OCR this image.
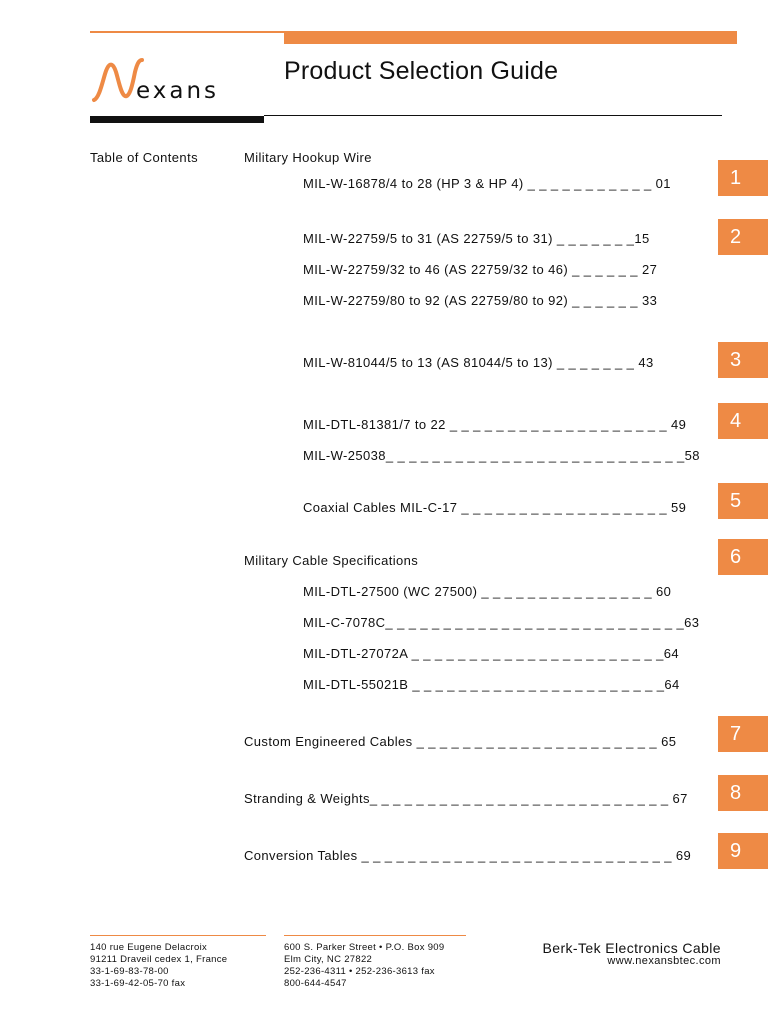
exans
Product Selection Guide
Table of Contents	Military Hookup Wire
Military Cable Specifications
MIL-W-16878/4 to 28 (HP 3 & HP 4) _ _ _ _ _ _ _ _ _ _ _ 01
MIL-W-22759/5 to 31 (AS 22759/5 to 31) _ _ _ _ _ _ _15
MIL-W-22759/32 to 46 (AS 22759/32 to 46) _ _ _ _ _ _ 27
MIL-W-22759/80 to 92 (AS 22759/80 to 92) _ _ _ _ _ _ 33
MIL-W-81044/5 to 13 (AS 81044/5 to 13) _ _ _ _ _ _ _ 43
MIL-DTL-81381/7 to 22 _ _ _ _ _ _ _ _ _ _ _ _ _ _ _ _ _ _ _ 49
MIL-W-25038_ _ _ _ _ _ _ _ _ _ _ _ _ _ _ _ _ _ _ _ _ _ _ _ _ _58
Coaxial Cables MIL-C-17 _ _ _ _ _ _ _ _ _ _ _ _ _ _ _ _ _ _ 59
MIL-DTL-27500 (WC 27500) _ _ _ _ _ _ _ _ _ _ _ _ _ _ _ 60
MIL-C-7078C_ _ _ _ _ _ _ _ _ _ _ _ _ _ _ _ _ _ _ _ _ _ _ _ _ _63
MIL-DTL-27072A _ _ _ _ _ _ _ _ _ _ _ _ _ _ _ _ _ _ _ _ _ _64
MIL-DTL-55021B _ _ _ _ _ _ _ _ _ _ _ _ _ _ _ _ _ _ _ _ _ _64
Custom Engineered Cables _ _ _ _ _ _ _ _ _ _ _ _ _ _ _ _ _ _ _ _ _ 65
Stranding & Weights_ _ _ _ _ _ _ _ _ _ _ _ _ _ _ _ _ _ _ _ _ _ _ _ _ _ 67
Conversion Tables _ _ _ _ _ _ _ _ _ _ _ _ _ _ _ _ _ _ _ _ _ _ _ _ _ _ _ 69
1
2
3
4
5
6
7
8
9
140 rue Eugene Delacroix
91211 Draveil cedex 1, France
33-1-69-83-78-00
33-1-69-42-05-70 fax
600 S. Parker Street • P.O. Box 909
Elm City, NC 27822
252-236-4311 • 252-236-3613 fax
800-644-4547
Berk-Tek Electronics Cable
www.nexansbtec.com
